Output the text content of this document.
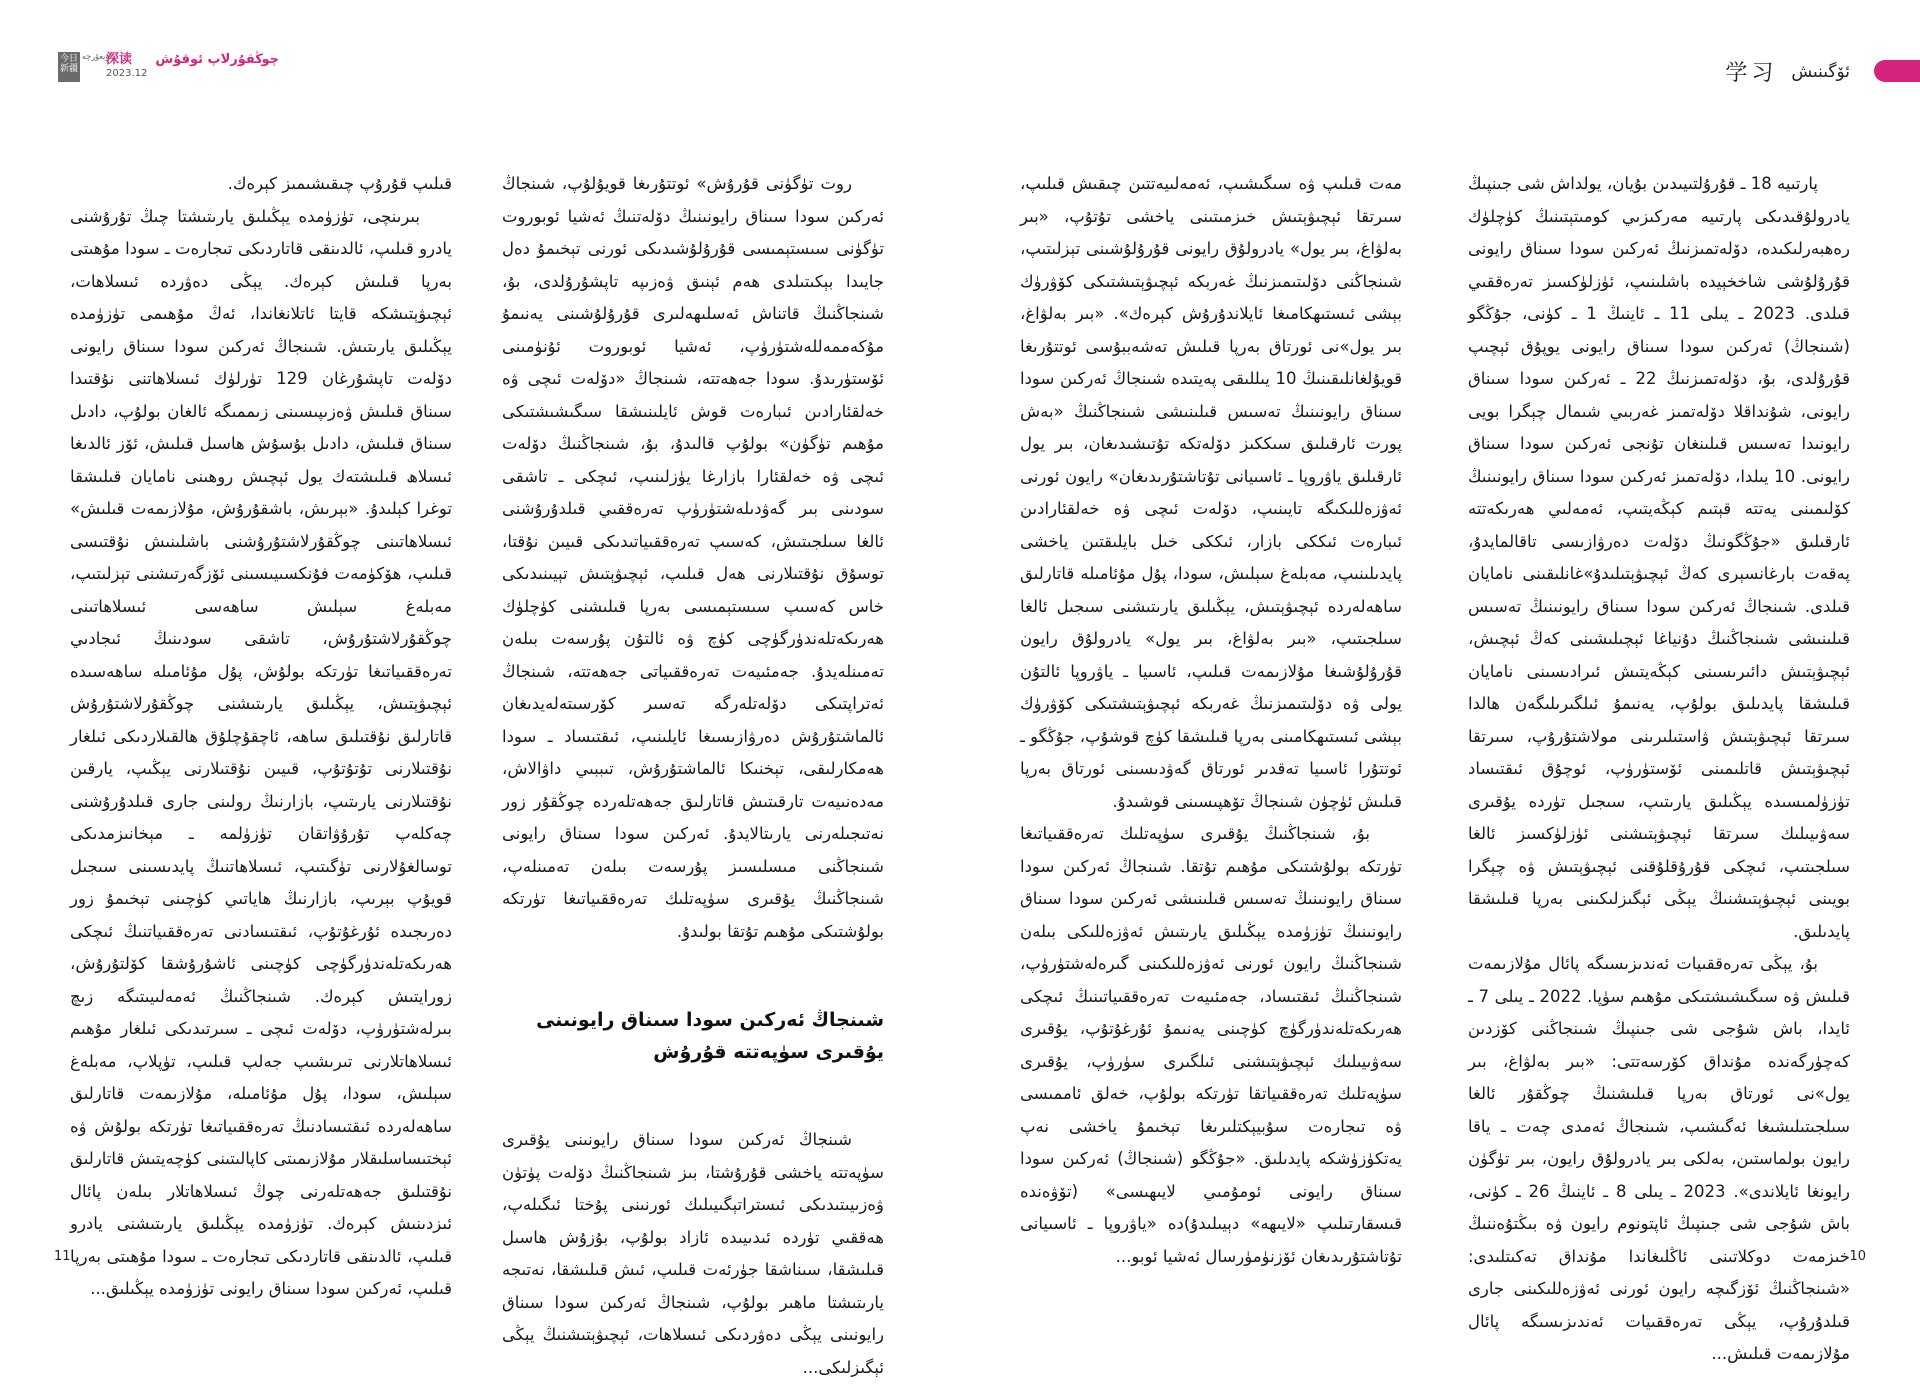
今日新疆
ئۇيغۇرچە
深读
2023.12
چوڭقۇرلاپ ئوقۇش

روت تۈگۈنى قۇرۇش» ئوتتۇرىغا قويۇلۇپ، شىنجاڭ ئەركىن سودا سىناق رايونىنىڭ دۆلەتنىڭ ئەشيا ئوبوروت تۈگۈنى سىستېمىسى قۇرۇلۇشىدىكى ئورنى تېخىمۇ دەل جايىدا بېكىتىلدى ھەم ئېنىق ۋەزىپە تاپشۇرۇلدى، بۇ، شىنجاڭنىڭ قاتناش ئەسلىھەلىرى قۇرۇلۇشىنى يەنىمۇ مۇكەممەللەشتۈرۈپ، ئەشيا ئوبوروت ئۇنۈمىنى ئۆستۈرىدۇ. سودا جەھەتتە، شىنجاڭ «دۆلەت ئىچى ۋە خەلقئارادىن ئىبارەت قوش ئايلىنىشقا سىگىشىشتىكى مۇھىم تۈگۈن» بولۇپ قالىدۇ، بۇ، شىنجاڭنىڭ دۆلەت ئىچى ۋە خەلقئارا بازارغا يۈزلىنىپ، ئىچكى ـ تاشقى سودىنى بىر گەۋدىلەشتۈرۈپ تەرەققىي قىلدۇرۇشنى ئالغا سىلجىتىش، كەسىپ تەرەققىياتىدىكى قىيىن نۇقتا، توسۇق نۇقتىلارنى ھەل قىلىپ، ئېچىۋېتىش تېيىنىدىكى خاس كەسىپ سىستېمىسى بەرپا قىلىشنى كۈچلۈك ھەرىكەتلەندۈرگۈچى كۈچ ۋە ئالتۇن پۇرسەت بىلەن تەمىنلەيدۇ. جەمئىيەت تەرەققىياتى جەھەتتە، شىنجاڭ ئەتراپتىكى دۆلەتلەرگە تەسىر كۆرسىتەلەيدىغان ئالماشتۇرۇش دەرۋازىسىغا ئايلىنىپ، ئىقتىساد ـ سودا ھەمكارلىقى، تېخنىكا ئالماشتۇرۇش، تىببىي داۋالاش، مەدەنىيەت تارقىتىش قاتارلىق جەھەتلەردە چوڭقۇر زور نەتىجىلەرنى يارىتالايدۇ. ئەركىن سودا سىناق رايونى شىنجاڭنى مىسلىسىز پۇرسەت بىلەن تەمىنلەپ، شىنجاڭنىڭ يۇقىرى سۈپەتلىك تەرەققىياتىغا تۈرتكە بولۇشتىكى مۇھىم تۇتقا بولىدۇ.

شىنجاڭ ئەركىن سودا سىناق رايونىنى يۇقىرى سۈپەتتە قۇرۇش

شىنجاڭ ئەركىن سودا سىناق رايونىنى يۇقىرى سۈپەتتە ياخشى قۇرۇشتا، بىز شىنجاڭنىڭ دۆلەت پۈتۈن ۋەزىيىتىدىكى ئىستراتېگىيىلىك ئورنىنى پۇختا ئىگىلەپ، ھەققىي تۈردە ئىدىيىدە ئازاد بولۇپ، بۇزۇش ھاسىل قىلىشقا، سىناشقا جۈرئەت قىلىپ، ئىش قىلىشقا، نەتىجە يارىتىشتا ماھىر بولۇپ، شىنجاڭ ئەركىن سودا سىناق رايونىنى يېڭى دەۋردىكى ئىسلاھات، ئېچىۋېتىشنىڭ يېڭى ئېگىزلىكى...

قىلىپ قۇرۇپ چىقىشىمىز كېرەك.

بىرىنچى، تۈزۈمدە يېڭىلىق يارىتىشتا چىڭ تۇرۇشنى يادرو قىلىپ، ئالدىنقى قاتاردىكى تىجارەت ـ سودا مۇھىتى بەرپا قىلىش كېرەك. يېڭى دەۋردە ئىسلاھات، ئېچىۋېتىشكە قايتا ئاتلانغاندا، ئەڭ مۇھىمى تۈزۈمدە يېڭىلىق يارىتىش. شىنجاڭ ئەركىن سودا سىناق رايونى دۆلەت تاپشۇرغان 129 تۈرلۈك ئىسلاھاتنى نۇقتىدا سىناق قىلىش ۋەزىپىسىنى زىممىگە ئالغان بولۇپ، دادىل سىناق قىلىش، دادىل بۇسۇش ھاسىل قىلىش، ئۆز ئالدىغا ئىسلاھ قىلىشتەك يول ئېچىش روھىنى نامايان قىلىشقا توغرا كېلىدۇ. «بېرىش، باشقۇرۇش، مۇلازىمەت قىلىش» ئىسلاھاتىنى چوڭقۇرلاشتۇرۇشنى باشلىنىش نۇقتىسى قىلىپ، ھۆكۈمەت فۇنكسىيىسىنى ئۆزگەرتىشنى تېزلىتىپ، مەبلەغ سېلىش ساھەسى ئىسلاھاتىنى چوڭقۇرلاشتۇرۇش، تاشقى سودىنىڭ ئىجادىي تەرەققىياتىغا تۈرتكە بولۇش، پۇل مۇئامىلە ساھەسىدە ئېچىۋېتىش، يېڭىلىق يارىتىشنى چوڭقۇرلاشتۇرۇش قاتارلىق نۇقتىلىق ساھە، ئاچقۇچلۇق ھالقىلاردىكى ئىلغار نۇقتىلارنى تۇتۇتۇپ، قىيىن نۇقتىلارنى يېڭىپ، يارقىن نۇقتىلارنى يارىتىپ، بازارنىڭ رولىنى جارى قىلدۇرۇشنى چەكلەپ تۇرۇۋاتقان تۈزۈلمە ـ مېخانىزمدىكى توسالغۇلارنى تۈگىتىپ، ئىسلاھاتنىڭ پايدىسىنى سىجىل قويۇپ بېرىپ، بازارنىڭ ھاياتىي كۈچىنى تېخىمۇ زور دەرىجىدە ئۇرغۇتۇپ، ئىقتىسادنى تەرەققىياتنىڭ ئىچكى ھەرىكەتلەندۈرگۈچى كۈچىنى ئاشۇرۇشقا كۆلتۇرۇش، زورايتىش كېرەك. شىنجاڭنىڭ ئەمەلىيىتىگە زىچ بىرلەشتۈرۈپ، دۆلەت ئىچى ـ سىرتىدىكى ئىلغار مۇھىم ئىسلاھاتلارنى تىرىشىپ جەلپ قىلىپ، تۈپلاپ، مەبلەغ سېلىش، سودا، پۇل مۇئامىلە، مۇلازىمەت قاتارلىق ساھەلەردە ئىقتىسادنىڭ تەرەققىياتىغا تۈرتكە بولۇش ۋە ئېختىساسلىقلار مۇلازىمىتى كاپالىتىنى كۈچەيتىش قاتارلىق نۇقتىلىق جەھەتلەرنى چوڭ ئىسلاھاتلار بىلەن پائال ئىزدىنىش كېرەك. تۈزۈمدە يېڭىلىق يارىتىشنى يادرو قىلىپ، ئالدىنقى قاتاردىكى تىجارەت ـ سودا مۇھىتى بەرپا قىلىپ، ئەركىن سودا سىناق رايونى تۈزۈمدە يېڭىلىق...

11
学习 ئۆگىنىش

پارتىيە 18 ـ قۇرۇلتىيىدىن بۇيان، يولداش شى جىنپىڭ يادرولۇقىدىكى پارتىيە مەركىزىي كومىتېتىنىڭ كۈچلۈك رەھبەرلىكىدە، دۆلەتمىزنىڭ ئەركىن سودا سىناق رايونى قۇرۇلۇشى شاخخېيدە باشلىنىپ، ئۈزلۈكسىز تەرەققىي قىلدى. 2023 ـ يىلى 11 ـ ئاينىڭ 1 ـ كۈنى، جۇڭگو (شىنجاڭ) ئەركىن سودا سىناق رايونى يوپۇق ئېچىپ قۇرۇلدى، بۇ، دۆلەتمىزنىڭ 22 ـ ئەركىن سودا سىناق رايونى، شۇنداقلا دۆلەتمىز غەربىي شىمال چېگرا بويى رايونىدا تەسىس قىلىنغان تۇنجى ئەركىن سودا سىناق رايونى. 10 يىلدا، دۆلەتمىز ئەركىن سودا سىناق رايونىنىڭ كۆلىمىنى يەتتە قېتىم كېڭەيتىپ، ئەمەلىي ھەرىكەتتە ئارقىلىق «جۇڭگونىڭ دۆلەت دەرۋازىسى تاقالمايدۇ، پەقەت بارغانسېرى كەڭ ئېچىۋېتىلىدۇ»غانلىقىنى نامايان قىلدى. شىنجاڭ ئەركىن سودا سىناق رايونىنىڭ تەسىس قىلىنىشى شىنجاڭنىڭ دۇنياغا ئېچىلىشىنى كەڭ ئېچىش، ئېچىۋېتىش دائىرىسىنى كېڭەيتىش ئىرادىسىنى نامايان قىلىشقا پايدىلىق بولۇپ، يەنىمۇ ئىلگىرىلىگەن ھالدا سىرتقا ئېچىۋېتىش ۋاستىلىرىنى مولاشتۇرۇپ، سىرتقا ئېچىۋېتىش قاتلىمىنى ئۆستۈرۈپ، ئوچۇق ئىقتىساد تۈزۈلمىسىدە يېڭىلىق يارىتىپ، سىجىل تۈردە يۇقىرى سەۋىيىلىك سىرتقا ئېچىۋېتىشنى ئۈزلۈكسىز ئالغا سىلجىتىپ، ئىچكى قۇرۇقلۇقنى ئېچىۋېتىش ۋە چېگرا بويىنى ئېچىۋېتىشنىڭ يېڭى ئېگىزلىكىنى بەرپا قىلىشقا پايدىلىق.

بۇ، يېڭى تەرەققىيات ئەندىزىسىگە پائال مۇلازىمەت قىلىش ۋە سىگىشىشتىكى مۇھىم سۈپا. 2022 ـ يىلى 7 ـ ئايدا، باش شۇجى شى جىنپىڭ شىنجاڭنى كۆزدىن كەچۈرگەندە مۇنداق كۆرسەتتى: «بىر بەلۋاغ، بىر يول»نى ئورتاق بەرپا قىلىشنىڭ چوڭقۇر ئالغا سىلجىتىلىشىغا ئەگىشىپ، شىنجاڭ ئەمدى چەت ـ ياقا رايون بولماستىن، بەلكى بىر يادرولۇق رايون، بىر تۈگۈن رايونغا ئايلاندى». 2023 ـ يىلى 8 ـ ئاينىڭ 26 ـ كۈنى، باش شۇجى شى جىنپىڭ ئاپتونوم رايون ۋە بىڭتۇەننىڭ خىزمەت دوكلاتىنى ئاڭلىغاندا مۇنداق تەكىتلىدى: «شىنجاڭنىڭ ئۆزگىچە رايون ئورنى ئەۋزەللىكىنى جارى قىلدۇرۇپ، يېڭى تەرەققىيات ئەندىزىسىگە پائال مۇلازىمەت قىلىش...

مەت قىلىپ ۋە سىگىشىپ، ئەمەلىيەتتىن چىقىش قىلىپ، سىرتقا ئېچىۋېتىش خىزمىتىنى ياخشى تۇتۇپ، «بىر بەلۋاغ، بىر يول» يادرولۇق رايونى قۇرۇلۇشىنى تېزلىتىپ، شىنجاڭنى دۆلىتىمىزنىڭ غەربكە ئېچىۋېتىشتىكى كۆۋرۈك بېشى ئىستىھكامىغا ئايلاندۇرۇش كېرەك». «بىر بەلۋاغ، بىر يول»نى ئورتاق بەرپا قىلىش تەشەببۇسى ئوتتۇرىغا قويۇلغانلىقىنىڭ 10 يىللىقى پەيتىدە شىنجاڭ ئەركىن سودا سىناق رايونىنىڭ تەسىس قىلىنىشى شىنجاڭنىڭ «بەش پورت ئارقىلىق سىككىز دۆلەتكە تۇتىشىدىغان، بىر يول ئارقىلىق ياۋروپا ـ ئاسىيانى تۇتاشتۇرىدىغان» رايون ئورنى ئەۋزەللىكىگە تايىنىپ، دۆلەت ئىچى ۋە خەلقئارادىن ئىبارەت ئىككى بازار، ئىككى خىل بايلىقتىن ياخشى پايدىلىنىپ، مەبلەغ سېلىش، سودا، پۇل مۇئامىلە قاتارلىق ساھەلەردە ئېچىۋېتىش، يېڭىلىق يارىتىشنى سىجىل ئالغا سىلجىتىپ، «بىر بەلۋاغ، بىر يول» يادرولۇق رايون قۇرۇلۇشىغا مۇلازىمەت قىلىپ، ئاسىيا ـ ياۋروپا ئالتۇن يولى ۋە دۆلىتىمىزنىڭ غەربكە ئېچىۋېتىشتىكى كۆۋرۈك بېشى ئىستىھكامىنى بەرپا قىلىشقا كۈچ قوشۇپ، جۇڭگو ـ ئوتتۇرا ئاسىيا تەقدىر ئورتاق گەۋدىسىنى ئورتاق بەرپا قىلىش ئۈچۈن شىنجاڭ تۆھپىسىنى قوشىدۇ.

بۇ، شىنجاڭنىڭ يۇقىرى سۈپەتلىك تەرەققىياتىغا تۈرتكە بولۇشتىكى مۇھىم تۇتقا. شىنجاڭ ئەركىن سودا سىناق رايونىنىڭ تەسىس قىلىنىشى ئەركىن سودا سىناق رايونىنىڭ تۈزۈمدە يېڭىلىق يارىتىش ئەۋزەللىكى بىلەن شىنجاڭنىڭ رايون ئورنى ئەۋزەللىكىنى گىرەلەشتۈرۈپ، شىنجاڭنىڭ ئىقتىساد، جەمئىيەت تەرەققىياتىنىڭ ئىچكى ھەرىكەتلەندۈرگۈچ كۈچىنى يەنىمۇ ئۇرغۇتۇپ، يۇقىرى سەۋىيىلىك ئېچىۋېتىشنى ئىلگىرى سۈرۈپ، يۇقىرى سۈپەتلىك تەرەققىياتقا تۈرتكە بولۇپ، خەلق ئاممىسى ۋە تىجارەت سۇبيېكتلىرىغا تېخىمۇ ياخشى نەپ يەتكۈزۈشكە پايدىلىق. «جۇڭگو (شىنجاڭ) ئەركىن سودا سىناق رايونى ئومۇمىي لايىھىسى» (تۆۋەندە قىسقارتىلىپ «لايىھە» دېيىلىدۇ)دە «ياۋروپا ـ ئاسىيانى تۇتاشتۇرىدىغان ئۆزنۈمۈرسال ئەشيا ئوبو...	10
